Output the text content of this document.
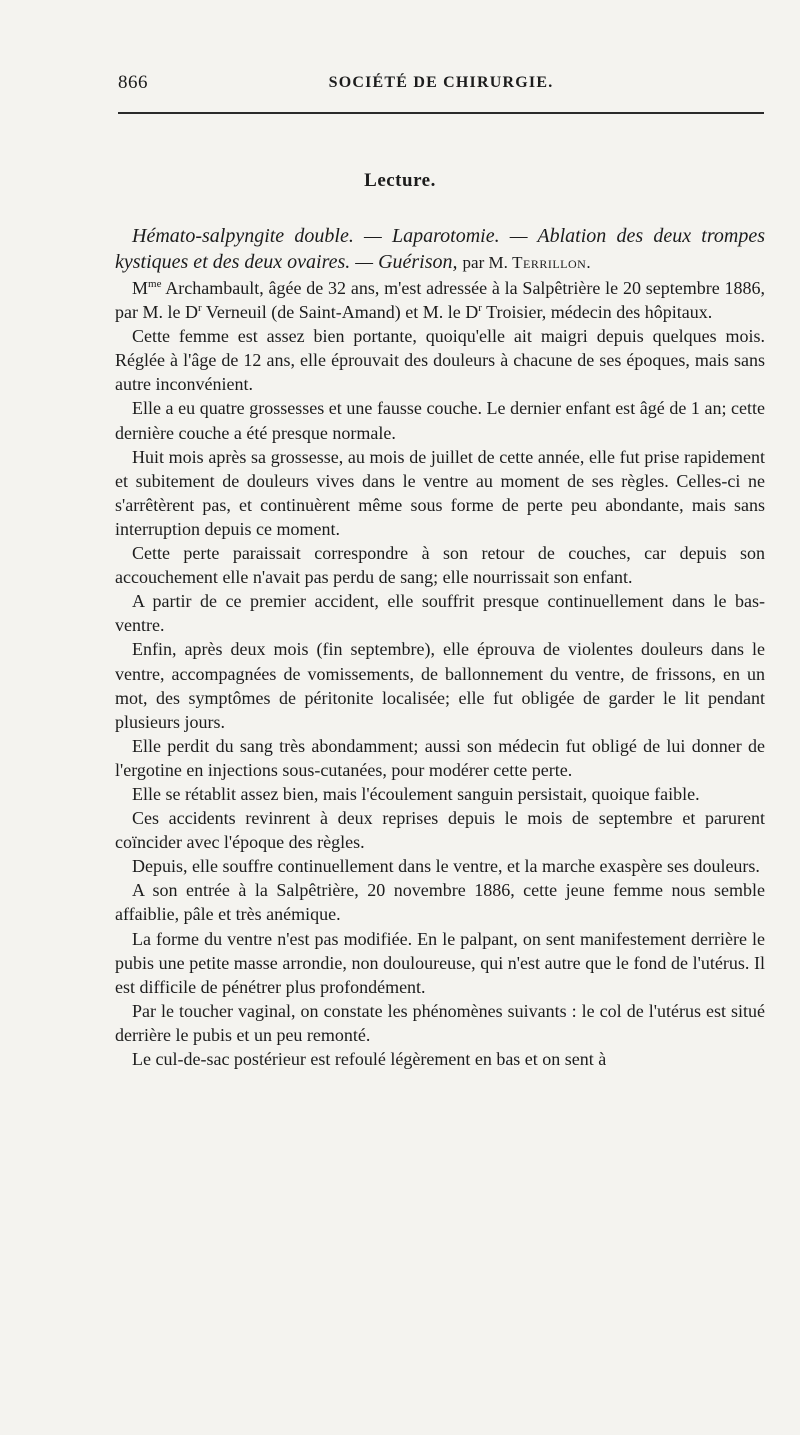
866	SOCIÉTÉ DE CHIRURGIE.
Lecture.

Hémato-salpyngite double. — Laparotomie. — Ablation des deux trompes kystiques et des deux ovaires. — Guérison, par M. Terrillon.

$M^{me}$ Archambault, âgée de 32 ans, m'est adressée à la Salpêtrière le 20 septembre 1886, par M. le $D^r$ Verneuil (de Saint-Amand) et M. le $D^r$ Troisier, médecin des hôpitaux.

Cette femme est assez bien portante, quoiqu'elle ait maigri depuis quelques mois. Réglée à l'âge de 12 ans, elle éprouvait des douleurs à chacune de ses époques, mais sans autre inconvénient.

Elle a eu quatre grossesses et une fausse couche. Le dernier enfant est âgé de 1 an; cette dernière couche a été presque normale.

Huit mois après sa grossesse, au mois de juillet de cette année, elle fut prise rapidement et subitement de douleurs vives dans le ventre au moment de ses règles. Celles-ci ne s'arrêtèrent pas, et continuèrent même sous forme de perte peu abondante, mais sans interruption depuis ce moment.

Cette perte paraissait correspondre à son retour de couches, car depuis son accouchement elle n'avait pas perdu de sang; elle nourrissait son enfant.

A partir de ce premier accident, elle souffrit presque continuellement dans le bas-ventre.

Enfin, après deux mois (fin septembre), elle éprouva de violentes douleurs dans le ventre, accompagnées de vomissements, de ballonnement du ventre, de frissons, en un mot, des symptômes de péritonite localisée; elle fut obligée de garder le lit pendant plusieurs jours.

Elle perdit du sang très abondamment; aussi son médecin fut obligé de lui donner de l'ergotine en injections sous-cutanées, pour modérer cette perte.

Elle se rétablit assez bien, mais l'écoulement sanguin persistait, quoique faible.

Ces accidents revinrent à deux reprises depuis le mois de septembre et parurent coïncider avec l'époque des règles.

Depuis, elle souffre continuellement dans le ventre, et la marche exaspère ses douleurs.

A son entrée à la Salpêtrière, 20 novembre 1886, cette jeune femme nous semble affaiblie, pâle et très anémique.

La forme du ventre n'est pas modifiée. En le palpant, on sent manifestement derrière le pubis une petite masse arrondie, non douloureuse, qui n'est autre que le fond de l'utérus. Il est difficile de pénétrer plus profondément.

Par le toucher vaginal, on constate les phénomènes suivants : le col de l'utérus est situé derrière le pubis et un peu remonté.

Le cul-de-sac postérieur est refoulé légèrement en bas et on sent à
